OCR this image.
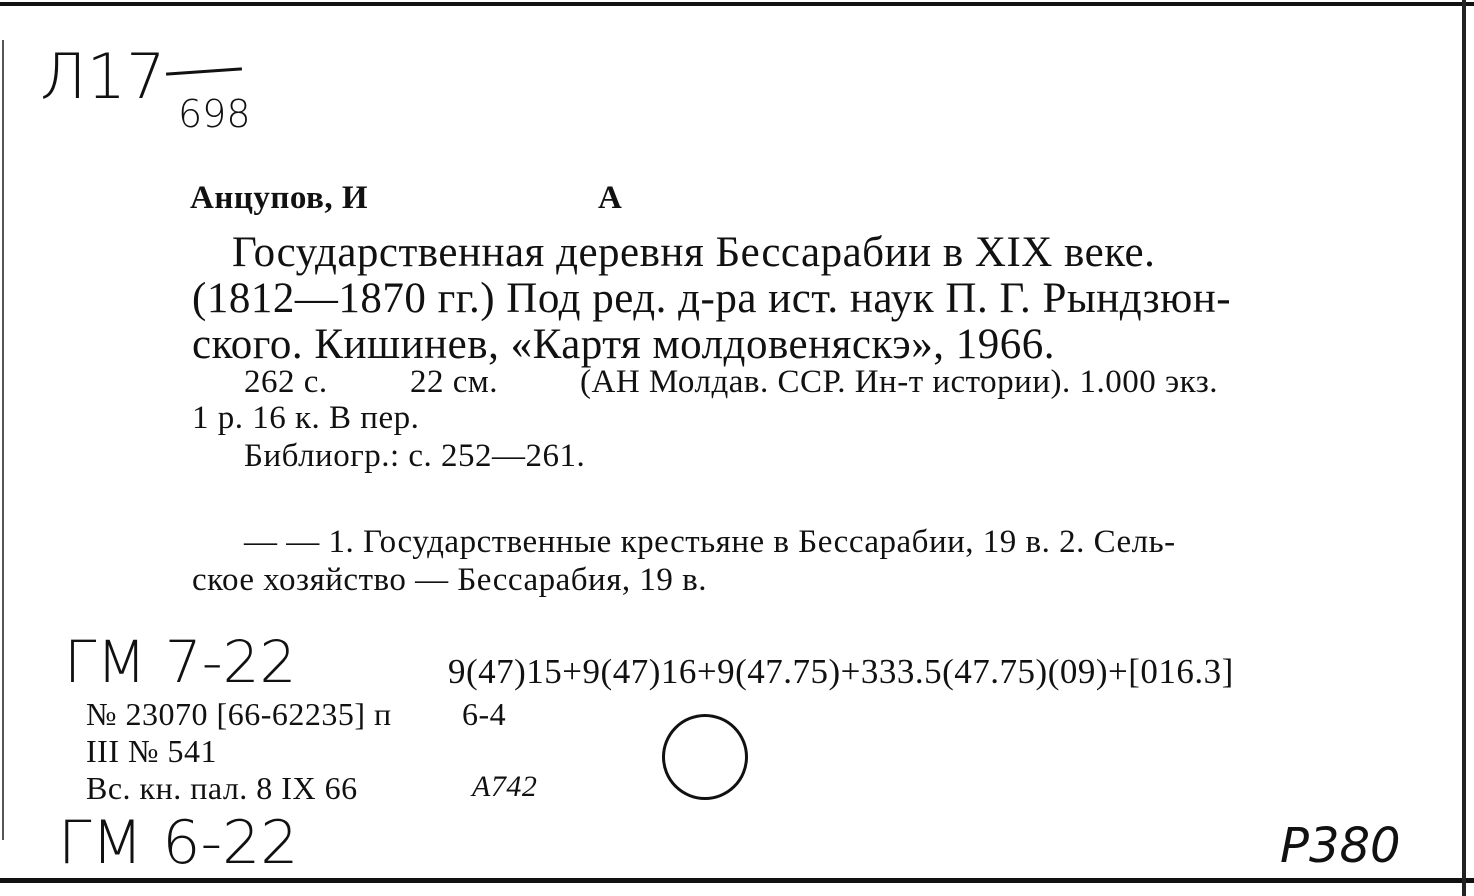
Л17
698
Анцупов, И	А
Государственная деревня Бессарабии в XIX веке.
(1812—1870 гг.) Под ред. д-ра ист. наук П. Г. Рындзюн-
ского. Кишинев, «Картя молдовеняскэ», 1966.
262 с. 22 см. (АН Молдав. ССР. Ин-т истории). 1.000 экз.
1 р. 16 к. В пер.
Библиогр.: с. 252—261.
— — 1. Государственные крестьяне в Бессарабии, 19 в. 2. Сель-
ское хозяйство — Бессарабия, 19 в.
ГМ 7-22	9(47)15+9(47)16+9(47.75)+333.5(47.75)(09)+[016.3]
№ 23070 [66-62235] п 6-4
III № 541
Вс. кн. пал. 8 IX 66	А742
ГМ 6-22	Р380
